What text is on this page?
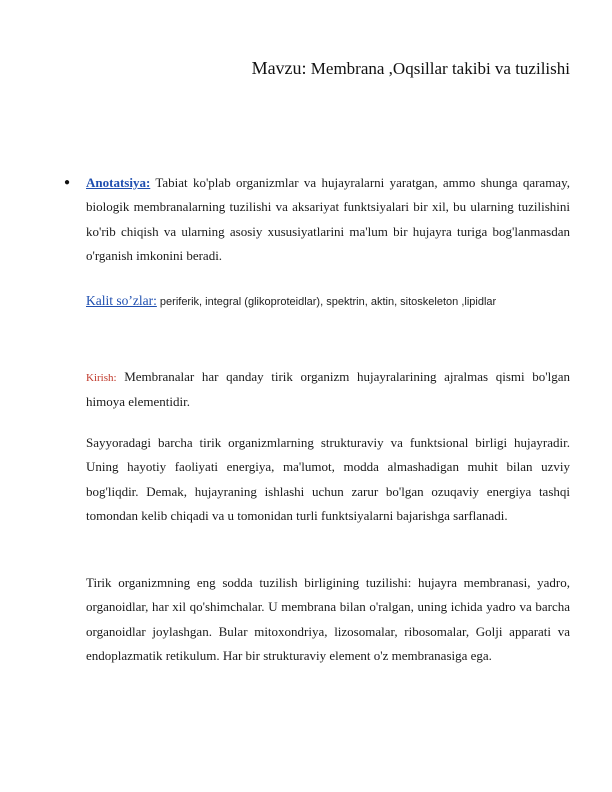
Mavzu: Membrana ,Oqsillar takibi va tuzilishi
● Anotatsiya: Tabiat ko'plab organizmlar va hujayralarni yaratgan, ammo shunga qaramay, biologik membranalarning tuzilishi va aksariyat funktsiyalari bir xil, bu ularning tuzilishini ko'rib chiqish va ularning asosiy xususiyatlarini ma'lum bir hujayra turiga bog'lanmasdan o'rganish imkonini beradi.

Kalit so’zlar: periferik, integral (glikoproteidlar), spektrin, aktin, sitoskeleton ,lipidlar

Kirish: Membranalar har qanday tirik organizm hujayralarining ajralmas qismi bo'lgan himoya elementidir.

Sayyoradagi barcha tirik organizmlarning strukturaviy va funktsional birligi hujayradir. Uning hayotiy faoliyati energiya, ma'lumot, modda almashadigan muhit bilan uzviy bog'liqdir. Demak, hujayraning ishlashi uchun zarur bo'lgan ozuqaviy energiya tashqi tomondan kelib chiqadi va u tomonidan turli funktsiyalarni bajarishga sarflanadi.

Tirik organizmning eng sodda tuzilish birligining tuzilishi: hujayra membranasi, yadro, organoidlar, har xil qo'shimchalar. U membrana bilan o'ralgan, uning ichida yadro va barcha organoidlar joylashgan. Bular mitoxondriya, lizosomalar, ribosomalar, Golji apparati va endoplazmatik retikulum. Har bir strukturaviy element o'z membranasiga ega.
